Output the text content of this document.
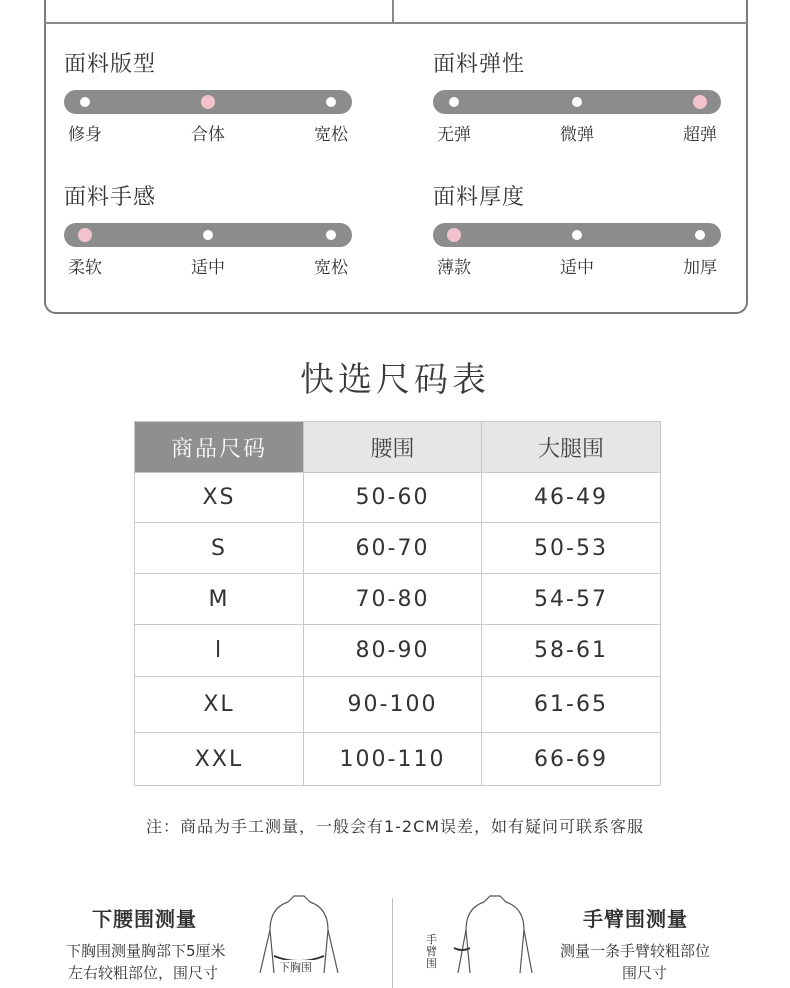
面料版型
修身	合体	宽松
面料弹性
无弹	微弹	超弹
面料手感
柔软	适中	宽松
面料厚度
薄款	适中	加厚
快选尺码表
商品尺码	腰围	大腿围
XS	50-60	46-49
S	60-70	50-53
M	70-80	54-57
l	80-90	58-61
XL	90-100	61-65
XXL	100-110	66-69
注：商品为手工测量，一般会有1-2CM误差，如有疑问可联系客服
下腰围测量
下胸围测量胸部下5厘米
左右较粗部位，围尺寸	下胸围
手臂围
手臂围测量
测量一条手臂较粗部位
围尺寸
